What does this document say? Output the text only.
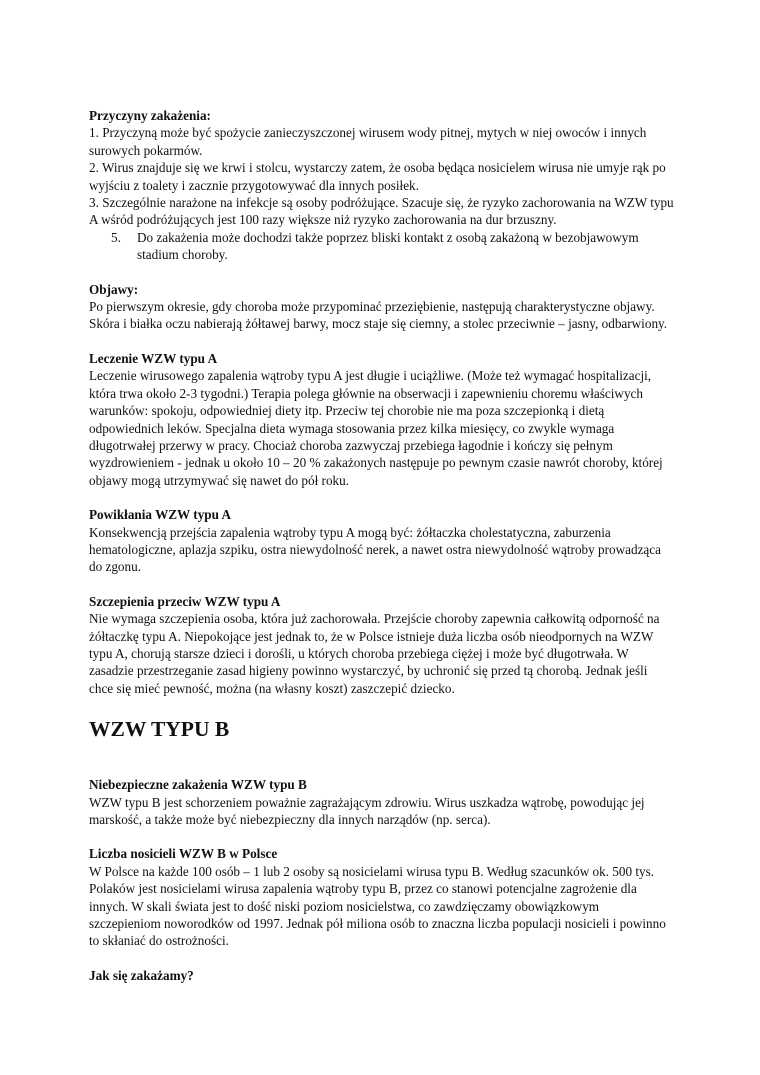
Przyczyny zakażenia:
1. Przyczyną może być spożycie zanieczyszczonej wirusem wody pitnej, mytych w niej owoców i innych surowych pokarmów.
2. Wirus znajduje się we krwi i stolcu, wystarczy zatem, że osoba będąca nosicielem wirusa nie umyje rąk po wyjściu z toalety i zacznie przygotowywać dla innych posiłek.
3. Szczególnie narażone na infekcje są osoby podróżujące. Szacuje się, że ryzyko zachorowania na WZW typu A wśród podróżujących jest 100 razy większe niż ryzyko zachorowania na dur brzuszny.
5. Do zakażenia może dochodzi także poprzez bliski kontakt z osobą zakażoną w bezobjawowym stadium choroby.
Objawy:
Po pierwszym okresie, gdy choroba może przypominać przeziębienie, następują charakterystyczne objawy. Skóra i białka oczu nabierają żółtawej barwy, mocz staje się ciemny, a stolec przeciwnie – jasny, odbarwiony.
Leczenie WZW typu A
Leczenie wirusowego zapalenia wątroby typu A jest długie i uciążliwe. (Może też wymagać hospitalizacji, która trwa około 2-3 tygodni.) Terapia polega głównie na obserwacji i zapewnieniu choremu właściwych warunków: spokoju, odpowiedniej diety itp. Przeciw tej chorobie nie ma poza szczepionką i dietą odpowiednich leków. Specjalna dieta wymaga stosowania przez kilka miesięcy, co zwykle wymaga długotrwałej przerwy w pracy. Chociaż choroba zazwyczaj przebiega łagodnie i kończy się pełnym wyzdrowieniem - jednak u około 10 – 20 % zakażonych następuje po pewnym czasie nawrót choroby, której objawy mogą utrzymywać się nawet do pół roku.
Powikłania WZW typu A
Konsekwencją przejścia zapalenia wątroby typu A mogą być: żółtaczka cholestatyczna, zaburzenia hematologiczne, aplazja szpiku, ostra niewydolność nerek, a nawet ostra niewydolność wątroby prowadząca do zgonu.
Szczepienia przeciw WZW typu A
Nie wymaga szczepienia osoba, która już zachorowała. Przejście choroby zapewnia całkowitą odporność na żółtaczkę typu A. Niepokojące jest jednak to, że w Polsce istnieje duża liczba osób nieodpornych na WZW typu A, chorują starsze dzieci i dorośli, u których choroba przebiega ciężej i może być długotrwała. W zasadzie przestrzeganie zasad higieny powinno wystarczyć, by uchronić się przed tą chorobą. Jednak jeśli chce się mieć pewność, można (na własny koszt) zaszczepić dziecko.
WZW TYPU B
Niebezpieczne zakażenia WZW typu B
WZW typu B jest schorzeniem poważnie zagrażającym zdrowiu. Wirus uszkadza wątrobę, powodując jej marskość, a także może być niebezpieczny dla innych narządów (np. serca).
Liczba nosicieli WZW B w Polsce
W Polsce na każde 100 osób – 1 lub 2 osoby są nosicielami wirusa typu B. Według szacunków ok. 500 tys. Polaków jest nosicielami wirusa zapalenia wątroby typu B, przez co stanowi potencjalne zagrożenie dla innych. W skali świata jest to dość niski poziom nosicielstwa, co zawdzięczamy obowiązkowym szczepieniom noworodków od 1997. Jednak pół miliona osób to znaczna liczba populacji nosicieli i powinno to skłaniać do ostrożności.
Jak się zakażamy?
